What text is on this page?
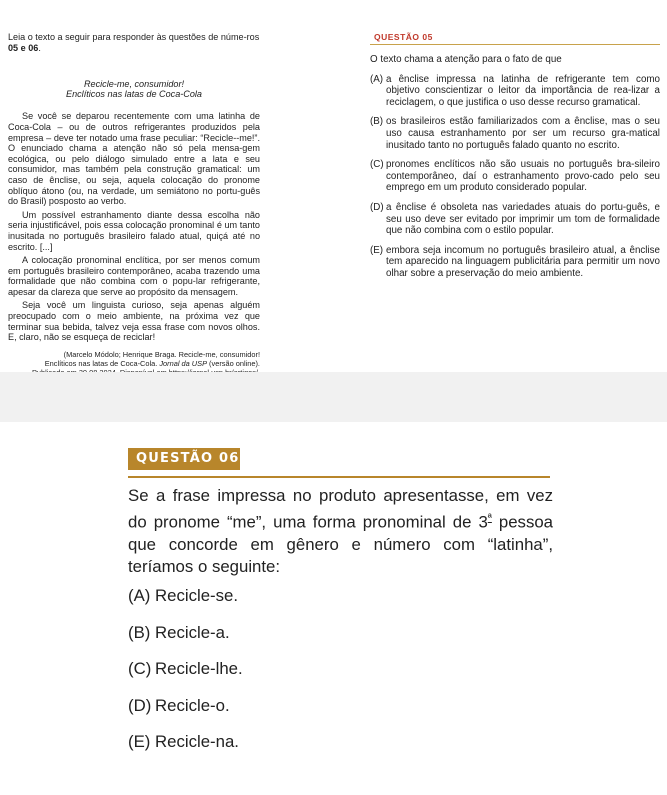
Leia o texto a seguir para responder às questões de núme-ros 05 e 06.

Recicle-me, consumidor!
Enclíticos nas latas de Coca-Cola

Se você se deparou recentemente com uma latinha de Coca-Cola – ou de outros refrigerantes produzidos pela empresa – deve ter notado uma frase peculiar: “Recicle--me!”. O enunciado chama a atenção não só pela mensa-gem ecológica, ou pelo diálogo simulado entre a lata e seu consumidor, mas também pela construção gramatical: um caso de ênclise, ou seja, aquela colocação do pronome oblíquo átono (ou, na verdade, um semiátono no portu-guês do Brasil) posposto ao verbo.

Um possível estranhamento diante dessa escolha não seria injustificável, pois essa colocação pronominal é um tanto inusitada no português brasileiro falado atual, quiçá até no escrito. [...]

A colocação pronominal enclítica, por ser menos comum em português brasileiro contemporâneo, acaba trazendo uma formalidade que não combina com o popu-lar refrigerante, apesar da clareza que serve ao propósito da mensagem.

Seja você um linguista curioso, seja apenas alguém preocupado com o meio ambiente, na próxima vez que terminar sua bebida, talvez veja essa frase com novos olhos. E, claro, não se esqueça de reciclar!

(Marcelo Módolo; Henrique Braga. Recicle-me, consumidor!
Enclíticos nas latas de Coca-Cola. Jornal da USP (versão online).

QUESTÃO 05

O texto chama a atenção para o fato de que

(A) a ênclise impressa na latinha de refrigerante tem como objetivo conscientizar o leitor da importância de rea-lizar a reciclagem, o que justifica o uso desse recurso gramatical.
(B) os brasileiros estão familiarizados com a ênclise, mas o seu uso causa estranhamento por ser um recurso gra-matical inusitado tanto no português falado quanto no escrito.
(C) pronomes enclíticos não são usuais no português bra-sileiro contemporâneo, daí o estranhamento provo-cado pelo seu emprego em um produto considerado popular.
(D) a ênclise é obsoleta nas variedades atuais do portu-guês, e seu uso deve ser evitado por imprimir um tom de formalidade que não combina com o estilo popular.
(E) embora seja incomum no português brasileiro atual, a ênclise tem aparecido na linguagem publicitária para permitir um novo olhar sobre a preservação do meio ambiente.
QUESTÃO 06

Se a frase impressa no produto apresentasse, em vez do pronome “me”, uma forma pronominal de $3^ª$ pessoa que concorde em gênero e número com “latinha”, teríamos o seguinte:

(A) Recicle-se.
(B) Recicle-a.
(C) Recicle-lhe.
(D) Recicle-o.
(E) Recicle-na.
